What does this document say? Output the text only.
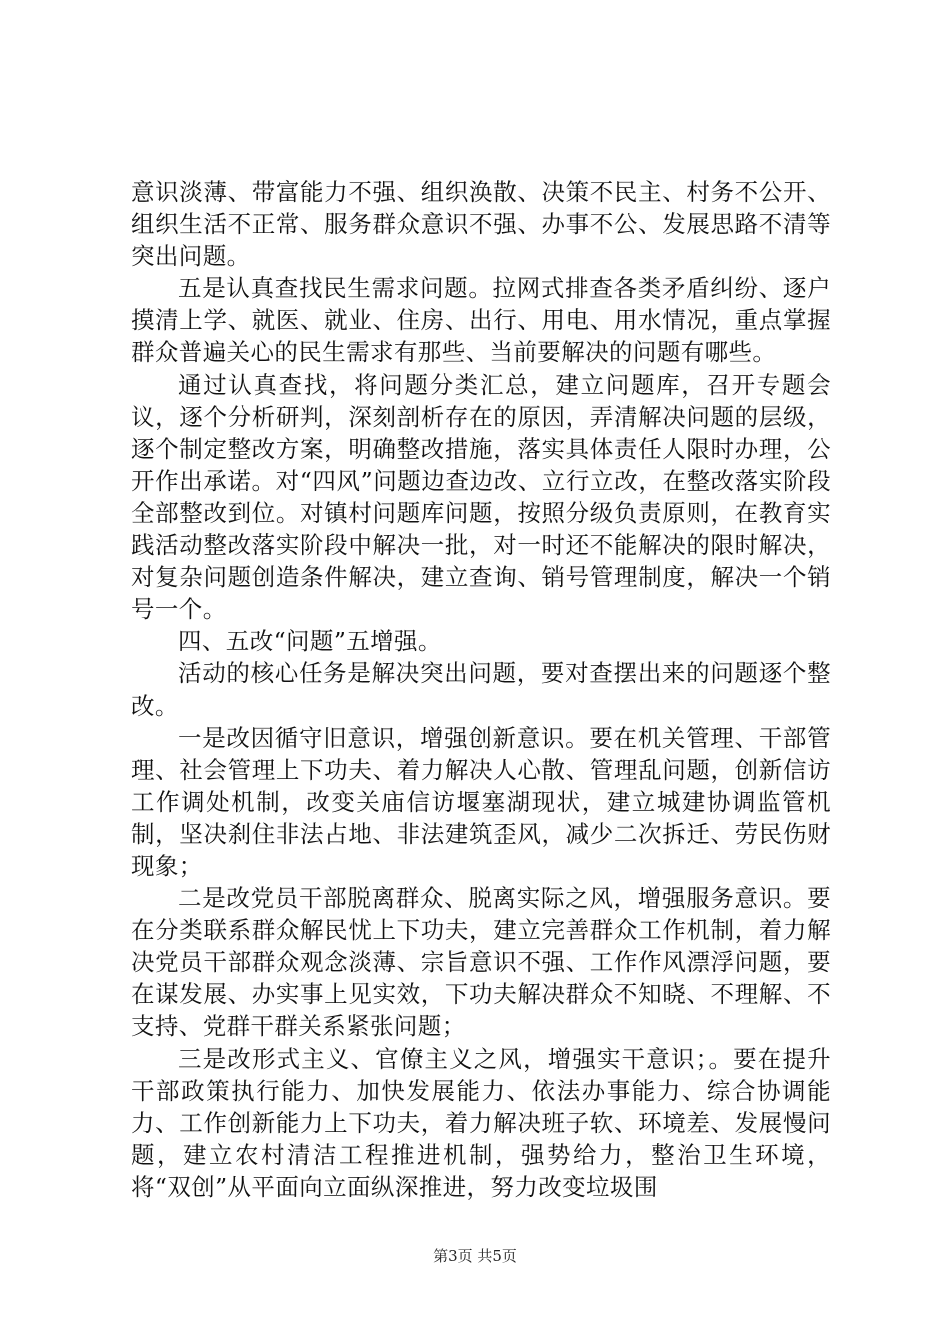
意识淡薄、带富能力不强、组织涣散、决策不民主、村务不公开、组织生活不正常、服务群众意识不强、办事不公、发展思路不清等突出问题。

五是认真查找民生需求问题。拉网式排查各类矛盾纠纷、逐户摸清上学、就医、就业、住房、出行、用电、用水情况，重点掌握群众普遍关心的民生需求有那些、当前要解决的问题有哪些。

通过认真查找，将问题分类汇总，建立问题库，召开专题会议，逐个分析研判，深刻剖析存在的原因，弄清解决问题的层级，逐个制定整改方案，明确整改措施，落实具体责任人限时办理，公开作出承诺。对“四风”问题边查边改、立行立改，在整改落实阶段全部整改到位。对镇村问题库问题，按照分级负责原则，在教育实践活动整改落实阶段中解决一批，对一时还不能解决的限时解决，对复杂问题创造条件解决，建立查询、销号管理制度，解决一个销号一个。

四、五改“问题”五增强。

活动的核心任务是解决突出问题，要对查摆出来的问题逐个整改。

一是改因循守旧意识，增强创新意识。要在机关管理、干部管理、社会管理上下功夫、着力解决人心散、管理乱问题，创新信访工作调处机制，改变关庙信访堰塞湖现状，建立城建协调监管机制，坚决刹住非法占地、非法建筑歪风，减少二次拆迁、劳民伤财现象；

二是改党员干部脱离群众、脱离实际之风，增强服务意识。要在分类联系群众解民忧上下功夫，建立完善群众工作机制，着力解决党员干部群众观念淡薄、宗旨意识不强、工作作风漂浮问题，要在谋发展、办实事上见实效，下功夫解决群众不知晓、不理解、不支持、党群干群关系紧张问题；

三是改形式主义、官僚主义之风，增强实干意识；。要在提升干部政策执行能力、加快发展能力、依法办事能力、综合协调能力、工作创新能力上下功夫，着力解决班子软、环境差、发展慢问题，建立农村清洁工程推进机制，强势给力，整治卫生环境，将“双创”从平面向立面纵深推进，努力改变垃圾围

第3页 共5页
